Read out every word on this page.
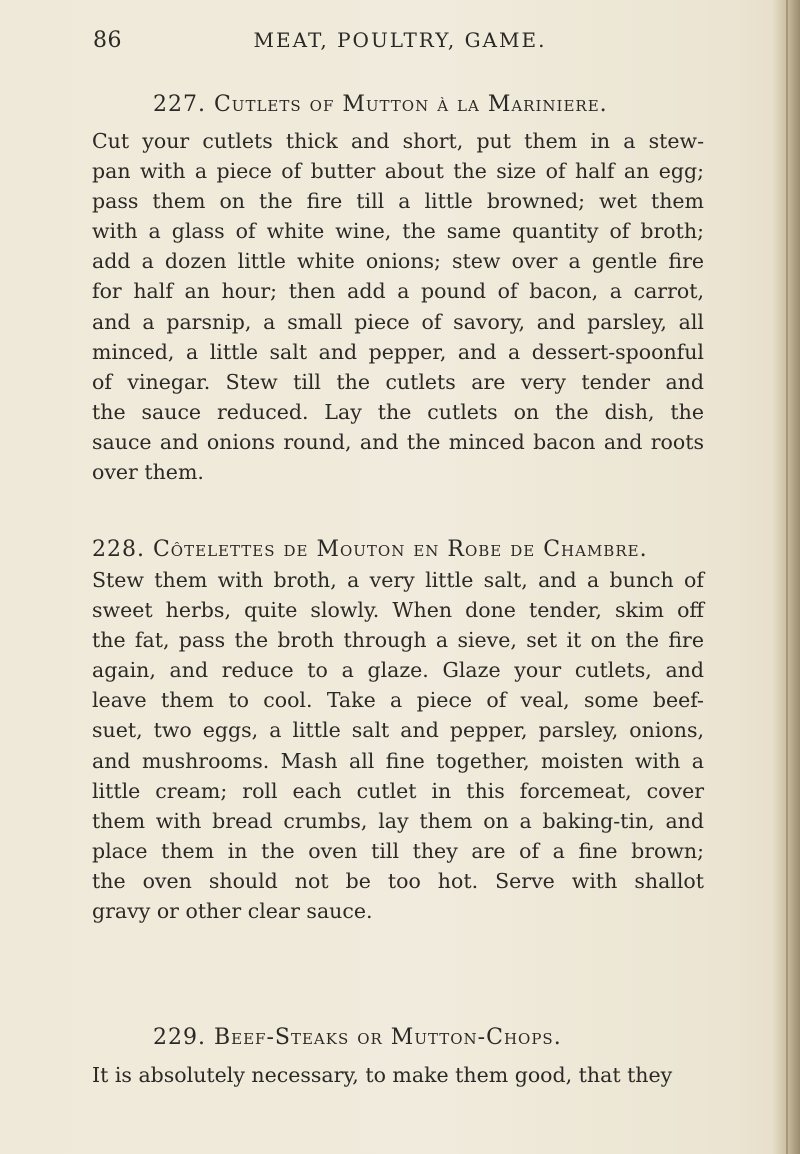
86	MEAT, POULTRY, GAME.
227. Cutlets of Mutton à la Mariniere.

Cut your cutlets thick and short, put them in a stew-
pan with a piece of butter about the size of half an egg;
pass them on the fire till a little browned; wet them
with a glass of white wine, the same quantity of broth;
add a dozen little white onions; stew over a gentle fire
for half an hour; then add a pound of bacon, a carrot,
and a parsnip, a small piece of savory, and parsley, all
minced, a little salt and pepper, and a dessert-spoonful
of vinegar. Stew till the cutlets are very tender and
the sauce reduced. Lay the cutlets on the dish, the
sauce and onions round, and the minced bacon and roots
over them.

228. Côtelettes de Mouton en Robe de Chambre.

Stew them with broth, a very little salt, and a bunch of
sweet herbs, quite slowly. When done tender, skim off
the fat, pass the broth through a sieve, set it on the fire
again, and reduce to a glaze. Glaze your cutlets, and
leave them to cool. Take a piece of veal, some beef-
suet, two eggs, a little salt and pepper, parsley, onions,
and mushrooms. Mash all fine together, moisten with a
little cream; roll each cutlet in this forcemeat, cover
them with bread crumbs, lay them on a baking-tin, and
place them in the oven till they are of a fine brown;
the oven should not be too hot. Serve with shallot
gravy or other clear sauce.

229. Beef-Steaks or Mutton-Chops.

It is absolutely necessary, to make them good, that they
